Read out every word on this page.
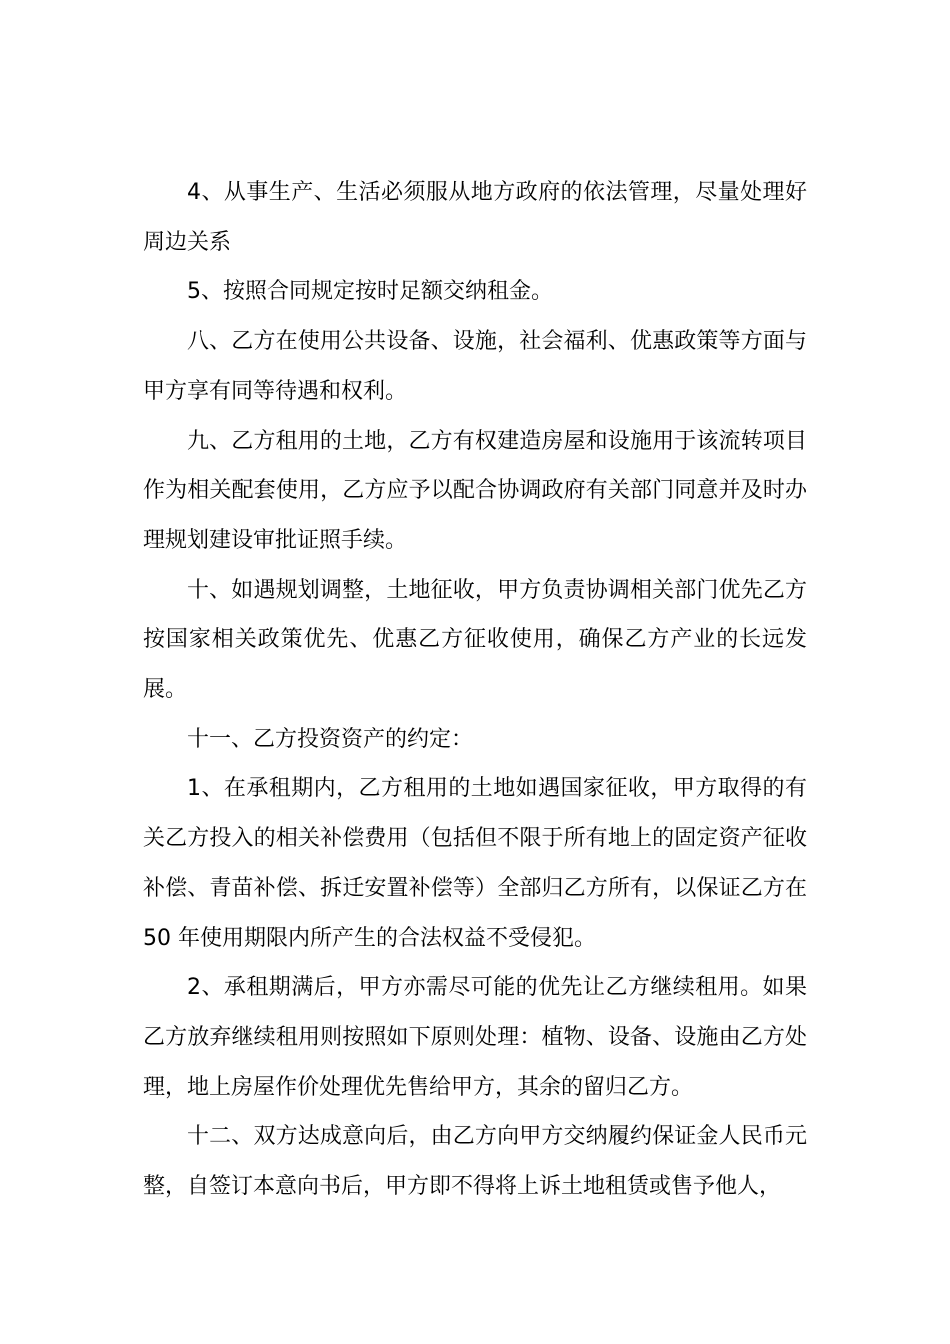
4、从事生产、生活必须服从地方政府的依法管理，尽量处理好周边关系

5、按照合同规定按时足额交纳租金。

八、乙方在使用公共设备、设施，社会福利、优惠政策等方面与甲方享有同等待遇和权利。

九、乙方租用的土地，乙方有权建造房屋和设施用于该流转项目作为相关配套使用，乙方应予以配合协调政府有关部门同意并及时办理规划建设审批证照手续。

十、如遇规划调整，土地征收，甲方负责协调相关部门优先乙方按国家相关政策优先、优惠乙方征收使用，确保乙方产业的长远发展。

十一、乙方投资资产的约定：

1、在承租期内，乙方租用的土地如遇国家征收，甲方取得的有关乙方投入的相关补偿费用（包括但不限于所有地上的固定资产征收补偿、青苗补偿、拆迁安置补偿等）全部归乙方所有，以保证乙方在 50 年使用期限内所产生的合法权益不受侵犯。

2、承租期满后，甲方亦需尽可能的优先让乙方继续租用。如果乙方放弃继续租用则按照如下原则处理：植物、设备、设施由乙方处理，地上房屋作价处理优先售给甲方，其余的留归乙方。

十二、双方达成意向后，由乙方向甲方交纳履约保证金人民币元整，自签订本意向书后，甲方即不得将上诉土地租赁或售予他人，
